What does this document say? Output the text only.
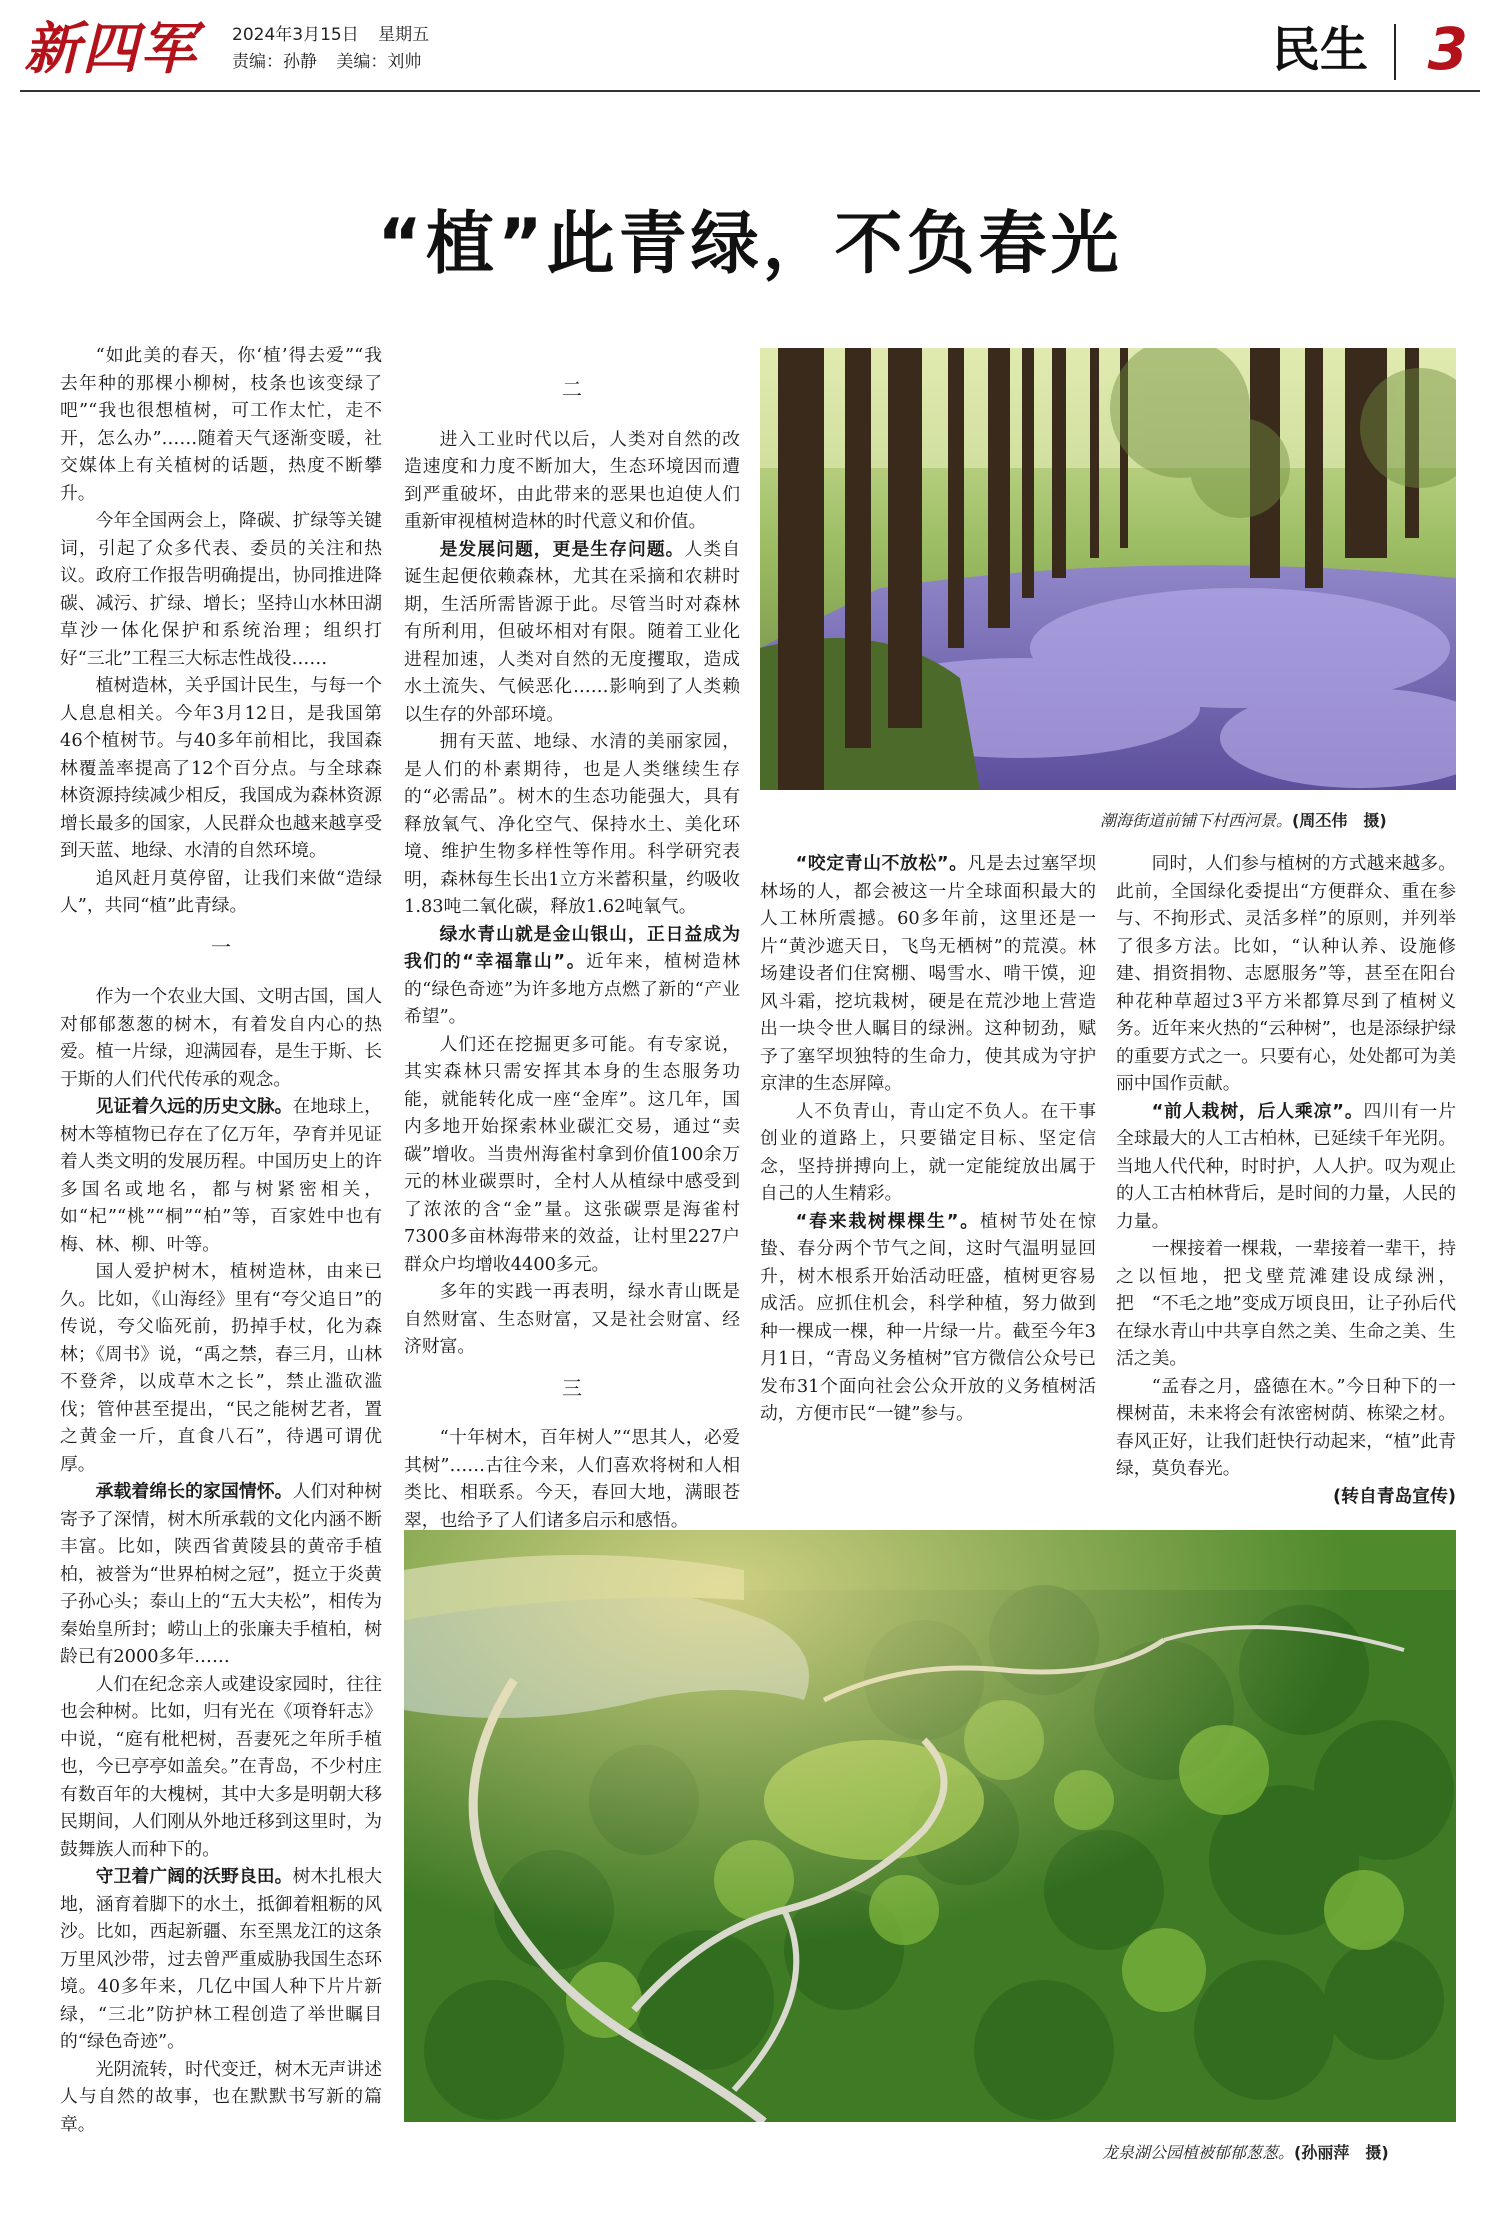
新四军 2024年3月15日 星期五
责编：孙静 美编：刘帅	民生 3
“植”此青绿，不负春光

“如此美的春天，你‘植’得去爱”“我去年种的那棵小柳树，枝条也该变绿了吧”“我也很想植树，可工作太忙，走不开，怎么办”……随着天气逐渐变暖，社交媒体上有关植树的话题，热度不断攀升。

今年全国两会上，降碳、扩绿等关键词，引起了众多代表、委员的关注和热议。政府工作报告明确提出，协同推进降碳、减污、扩绿、增长；坚持山水林田湖草沙一体化保护和系统治理；组织打好“三北”工程三大标志性战役……

植树造林，关乎国计民生，与每一个人息息相关。今年3月12日，是我国第46个植树节。与40多年前相比，我国森林覆盖率提高了12个百分点。与全球森林资源持续减少相反，我国成为森林资源增长最多的国家，人民群众也越来越享受到天蓝、地绿、水清的自然环境。

追风赶月莫停留，让我们来做“造绿人”，共同“植”此青绿。

一

作为一个农业大国、文明古国，国人对郁郁葱葱的树木，有着发自内心的热爱。植一片绿，迎满园春，是生于斯、长于斯的人们代代传承的观念。

见证着久远的历史文脉。在地球上，树木等植物已存在了亿万年，孕育并见证着人类文明的发展历程。中国历史上的许多国名或地名，都与树紧密相关，如“杞”“桃”“桐”“柏”等，百家姓中也有梅、林、柳、叶等。

国人爱护树木，植树造林，由来已久。比如，《山海经》里有“夸父追日”的传说，夸父临死前，扔掉手杖，化为森林；《周书》说，“禹之禁，春三月，山林不登斧，以成草木之长”，禁止滥砍滥伐；管仲甚至提出，“民之能树艺者，置之黄金一斤，直食八石”，待遇可谓优厚。

承载着绵长的家国情怀。人们对种树寄予了深情，树木所承载的文化内涵不断丰富。比如，陕西省黄陵县的黄帝手植柏，被誉为“世界柏树之冠”，挺立于炎黄子孙心头；泰山上的“五大夫松”，相传为秦始皇所封；崂山上的张廉夫手植柏，树龄已有2000多年……

人们在纪念亲人或建设家园时，往往也会种树。比如，归有光在《项脊轩志》中说，“庭有枇杷树，吾妻死之年所手植也，今已亭亭如盖矣。”在青岛，不少村庄有数百年的大槐树，其中大多是明朝大移民期间，人们刚从外地迁移到这里时，为鼓舞族人而种下的。

守卫着广阔的沃野良田。树木扎根大地，涵育着脚下的水土，抵御着粗粝的风沙。比如，西起新疆、东至黑龙江的这条万里风沙带，过去曾严重威胁我国生态环境。40多年来，几亿中国人种下片片新绿，“三北”防护林工程创造了举世瞩目的“绿色奇迹”。

光阴流转，时代变迁，树木无声讲述人与自然的故事，也在默默书写新的篇章。

二

进入工业时代以后，人类对自然的改造速度和力度不断加大，生态环境因而遭到严重破坏，由此带来的恶果也迫使人们重新审视植树造林的时代意义和价值。

是发展问题，更是生存问题。人类自诞生起便依赖森林，尤其在采摘和农耕时期，生活所需皆源于此。尽管当时对森林有所利用，但破坏相对有限。随着工业化进程加速，人类对自然的无度攫取，造成水土流失、气候恶化……影响到了人类赖以生存的外部环境。

拥有天蓝、地绿、水清的美丽家园，是人们的朴素期待，也是人类继续生存的“必需品”。树木的生态功能强大，具有释放氧气、净化空气、保持水土、美化环境、维护生物多样性等作用。科学研究表明，森林每生长出1立方米蓄积量，约吸收1.83吨二氧化碳，释放1.62吨氧气。

绿水青山就是金山银山，正日益成为我们的“幸福靠山”。近年来，植树造林的“绿色奇迹”为许多地方点燃了新的“产业希望”。

人们还在挖掘更多可能。有专家说，其实森林只需安挥其本身的生态服务功能，就能转化成一座“金库”。这几年，国内多地开始探索林业碳汇交易，通过“卖碳”增收。当贵州海雀村拿到价值100余万元的林业碳票时，全村人从植绿中感受到了浓浓的含“金”量。这张碳票是海雀村7300多亩林海带来的效益，让村里227户群众户均增收4400多元。

多年的实践一再表明，绿水青山既是自然财富、生态财富，又是社会财富、经济财富。

三

“十年树木，百年树人”“思其人，必爱其树”……古往今来，人们喜欢将树和人相类比、相联系。今天，春回大地，满眼苍翠，也给予了人们诸多启示和感悟。

潮海街道前铺下村西河景。(周丕伟　摄)

“咬定青山不放松”。凡是去过塞罕坝林场的人，都会被这一片全球面积最大的人工林所震撼。60多年前，这里还是一片“黄沙遮天日，飞鸟无栖树”的荒漠。林场建设者们住窝棚、喝雪水、啃干馍，迎风斗霜，挖坑栽树，硬是在荒沙地上营造出一块令世人瞩目的绿洲。这种韧劲，赋予了塞罕坝独特的生命力，使其成为守护京津的生态屏障。

人不负青山，青山定不负人。在干事创业的道路上，只要锚定目标、坚定信念，坚持拼搏向上，就一定能绽放出属于自己的人生精彩。

“春来栽树棵棵生”。植树节处在惊蛰、春分两个节气之间，这时气温明显回升，树木根系开始活动旺盛，植树更容易成活。应抓住机会，科学种植，努力做到种一棵成一棵，种一片绿一片。截至今年3月1日，“青岛义务植树”官方微信公众号已发布31个面向社会公众开放的义务植树活动，方便市民“一键”参与。

同时，人们参与植树的方式越来越多。此前，全国绿化委提出“方便群众、重在参与、不拘形式、灵活多样”的原则，并列举了很多方法。比如，“认种认养、设施修建、捐资捐物、志愿服务”等，甚至在阳台种花种草超过3平方米都算尽到了植树义务。近年来火热的“云种树”，也是添绿护绿的重要方式之一。只要有心，处处都可为美丽中国作贡献。

“前人栽树，后人乘凉”。四川有一片全球最大的人工古柏林，已延续千年光阴。当地人代代种，时时护，人人护。叹为观止的人工古柏林背后，是时间的力量，人民的力量。

一棵接着一棵栽，一辈接着一辈干，持之以恒地，把戈壁荒滩建设成绿洲，把　“不毛之地”变成万顷良田，让子孙后代在绿水青山中共享自然之美、生命之美、生活之美。

“孟春之月，盛德在木。”今日种下的一棵树苗，未来将会有浓密树荫、栋梁之材。春风正好，让我们赶快行动起来，“植”此青绿，莫负春光。

(转自青岛宣传)

龙泉湖公园植被郁郁葱葱。(孙丽萍　摄)
